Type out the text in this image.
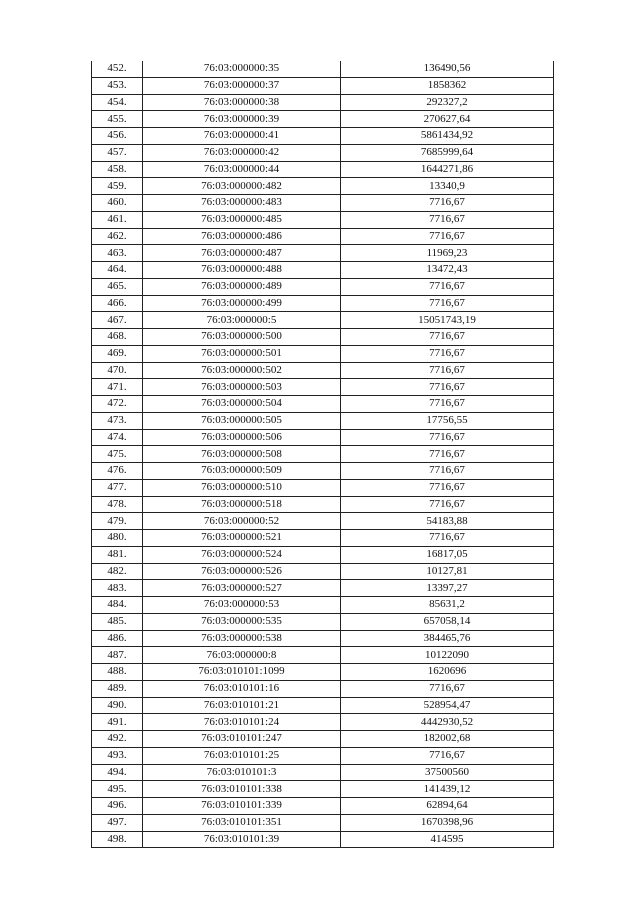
452.	76:03:000000:35	136490,56
453.	76:03:000000:37	1858362
454.	76:03:000000:38	292327,2
455.	76:03:000000:39	270627,64
456.	76:03:000000:41	5861434,92
457.	76:03:000000:42	7685999,64
458.	76:03:000000:44	1644271,86
459.	76:03:000000:482	13340,9
460.	76:03:000000:483	7716,67
461.	76:03:000000:485	7716,67
462.	76:03:000000:486	7716,67
463.	76:03:000000:487	11969,23
464.	76:03:000000:488	13472,43
465.	76:03:000000:489	7716,67
466.	76:03:000000:499	7716,67
467.	76:03:000000:5	15051743,19
468.	76:03:000000:500	7716,67
469.	76:03:000000:501	7716,67
470.	76:03:000000:502	7716,67
471.	76:03:000000:503	7716,67
472.	76:03:000000:504	7716,67
473.	76:03:000000:505	17756,55
474.	76:03:000000:506	7716,67
475.	76:03:000000:508	7716,67
476.	76:03:000000:509	7716,67
477.	76:03:000000:510	7716,67
478.	76:03:000000:518	7716,67
479.	76:03:000000:52	54183,88
480.	76:03:000000:521	7716,67
481.	76:03:000000:524	16817,05
482.	76:03:000000:526	10127,81
483.	76:03:000000:527	13397,27
484.	76:03:000000:53	85631,2
485.	76:03:000000:535	657058,14
486.	76:03:000000:538	384465,76
487.	76:03:000000:8	10122090
488.	76:03:010101:1099	1620696
489.	76:03:010101:16	7716,67
490.	76:03:010101:21	528954,47
491.	76:03:010101:24	4442930,52
492.	76:03:010101:247	182002,68
493.	76:03:010101:25	7716,67
494.	76:03:010101:3	37500560
495.	76:03:010101:338	141439,12
496.	76:03:010101:339	62894,64
497.	76:03:010101:351	1670398,96
498.	76:03:010101:39	414595
